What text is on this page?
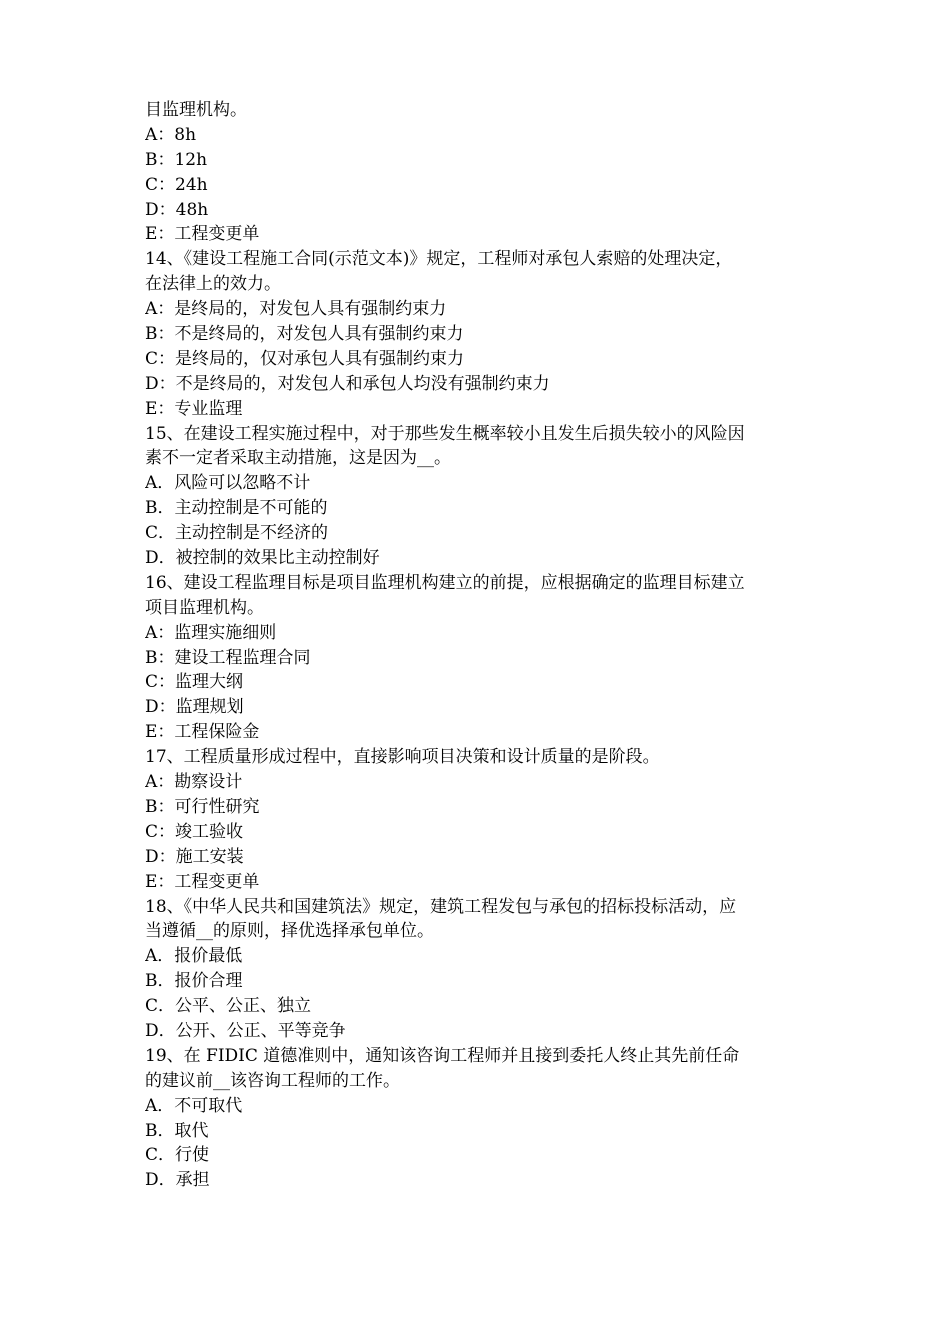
目监理机构。
A：8h
B：12h
C：24h
D：48h
E：工程变更单
14、《建设工程施工合同(示范文本)》规定，工程师对承包人索赔的处理决定，
在法律上的效力。
A：是终局的，对发包人具有强制约束力
B：不是终局的，对发包人具有强制约束力
C：是终局的，仅对承包人具有强制约束力
D：不是终局的，对发包人和承包人均没有强制约束力
E：专业监理
15、在建设工程实施过程中，对于那些发生概率较小且发生后损失较小的风险因
素不一定者采取主动措施，这是因为__。
A．风险可以忽略不计
B．主动控制是不可能的
C．主动控制是不经济的
D．被控制的效果比主动控制好
16、建设工程监理目标是项目监理机构建立的前提，应根据确定的监理目标建立
项目监理机构。
A：监理实施细则
B：建设工程监理合同
C：监理大纲
D：监理规划
E：工程保险金
17、工程质量形成过程中，直接影响项目决策和设计质量的是阶段。
A：勘察设计
B：可行性研究
C：竣工验收
D：施工安装
E：工程变更单
18、《中华人民共和国建筑法》规定，建筑工程发包与承包的招标投标活动，应
当遵循__的原则，择优选择承包单位。
A．报价最低
B．报价合理
C．公平、公正、独立
D．公开、公正、平等竞争
19、在 FIDIC 道德准则中，通知该咨询工程师并且接到委托人终止其先前任命
的建议前__该咨询工程师的工作。
A．不可取代
B．取代
C．行使
D．承担
